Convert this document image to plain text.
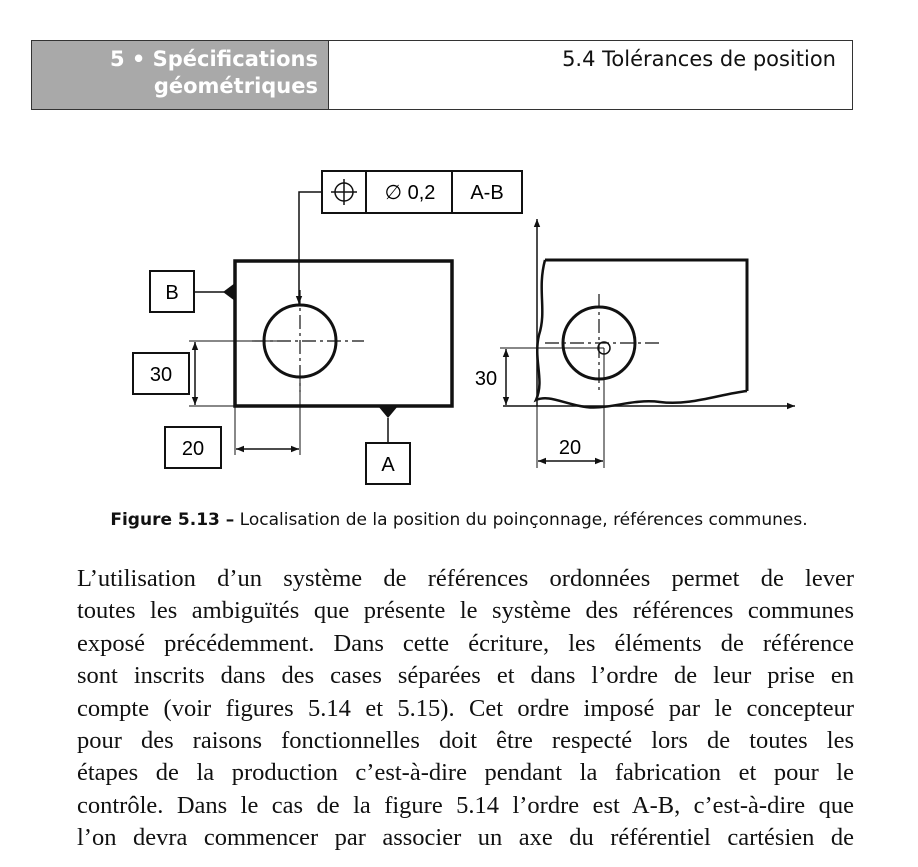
5 • Spécifications
géométriques
5.4 Tolérances de position
∅ 0,2 A-B
B
A
30
20
30
20
Figure 5.13 – Localisation de la position du poinçonnage, références communes.
L’utilisation d’un système de références ordonnées permet de lever
toutes les ambiguïtés que présente le système des références communes
exposé précédemment. Dans cette écriture, les éléments de référence
sont inscrits dans des cases séparées et dans l’ordre de leur prise en
compte (voir figures 5.14 et 5.15). Cet ordre imposé par le concepteur
pour des raisons fonctionnelles doit être respecté lors de toutes les
étapes de la production c’est-à-dire pendant la fabrication et pour le
contrôle. Dans le cas de la figure 5.14 l’ordre est A-B, c’est-à-dire que
l’on devra commencer par associer un axe du référentiel cartésien de
